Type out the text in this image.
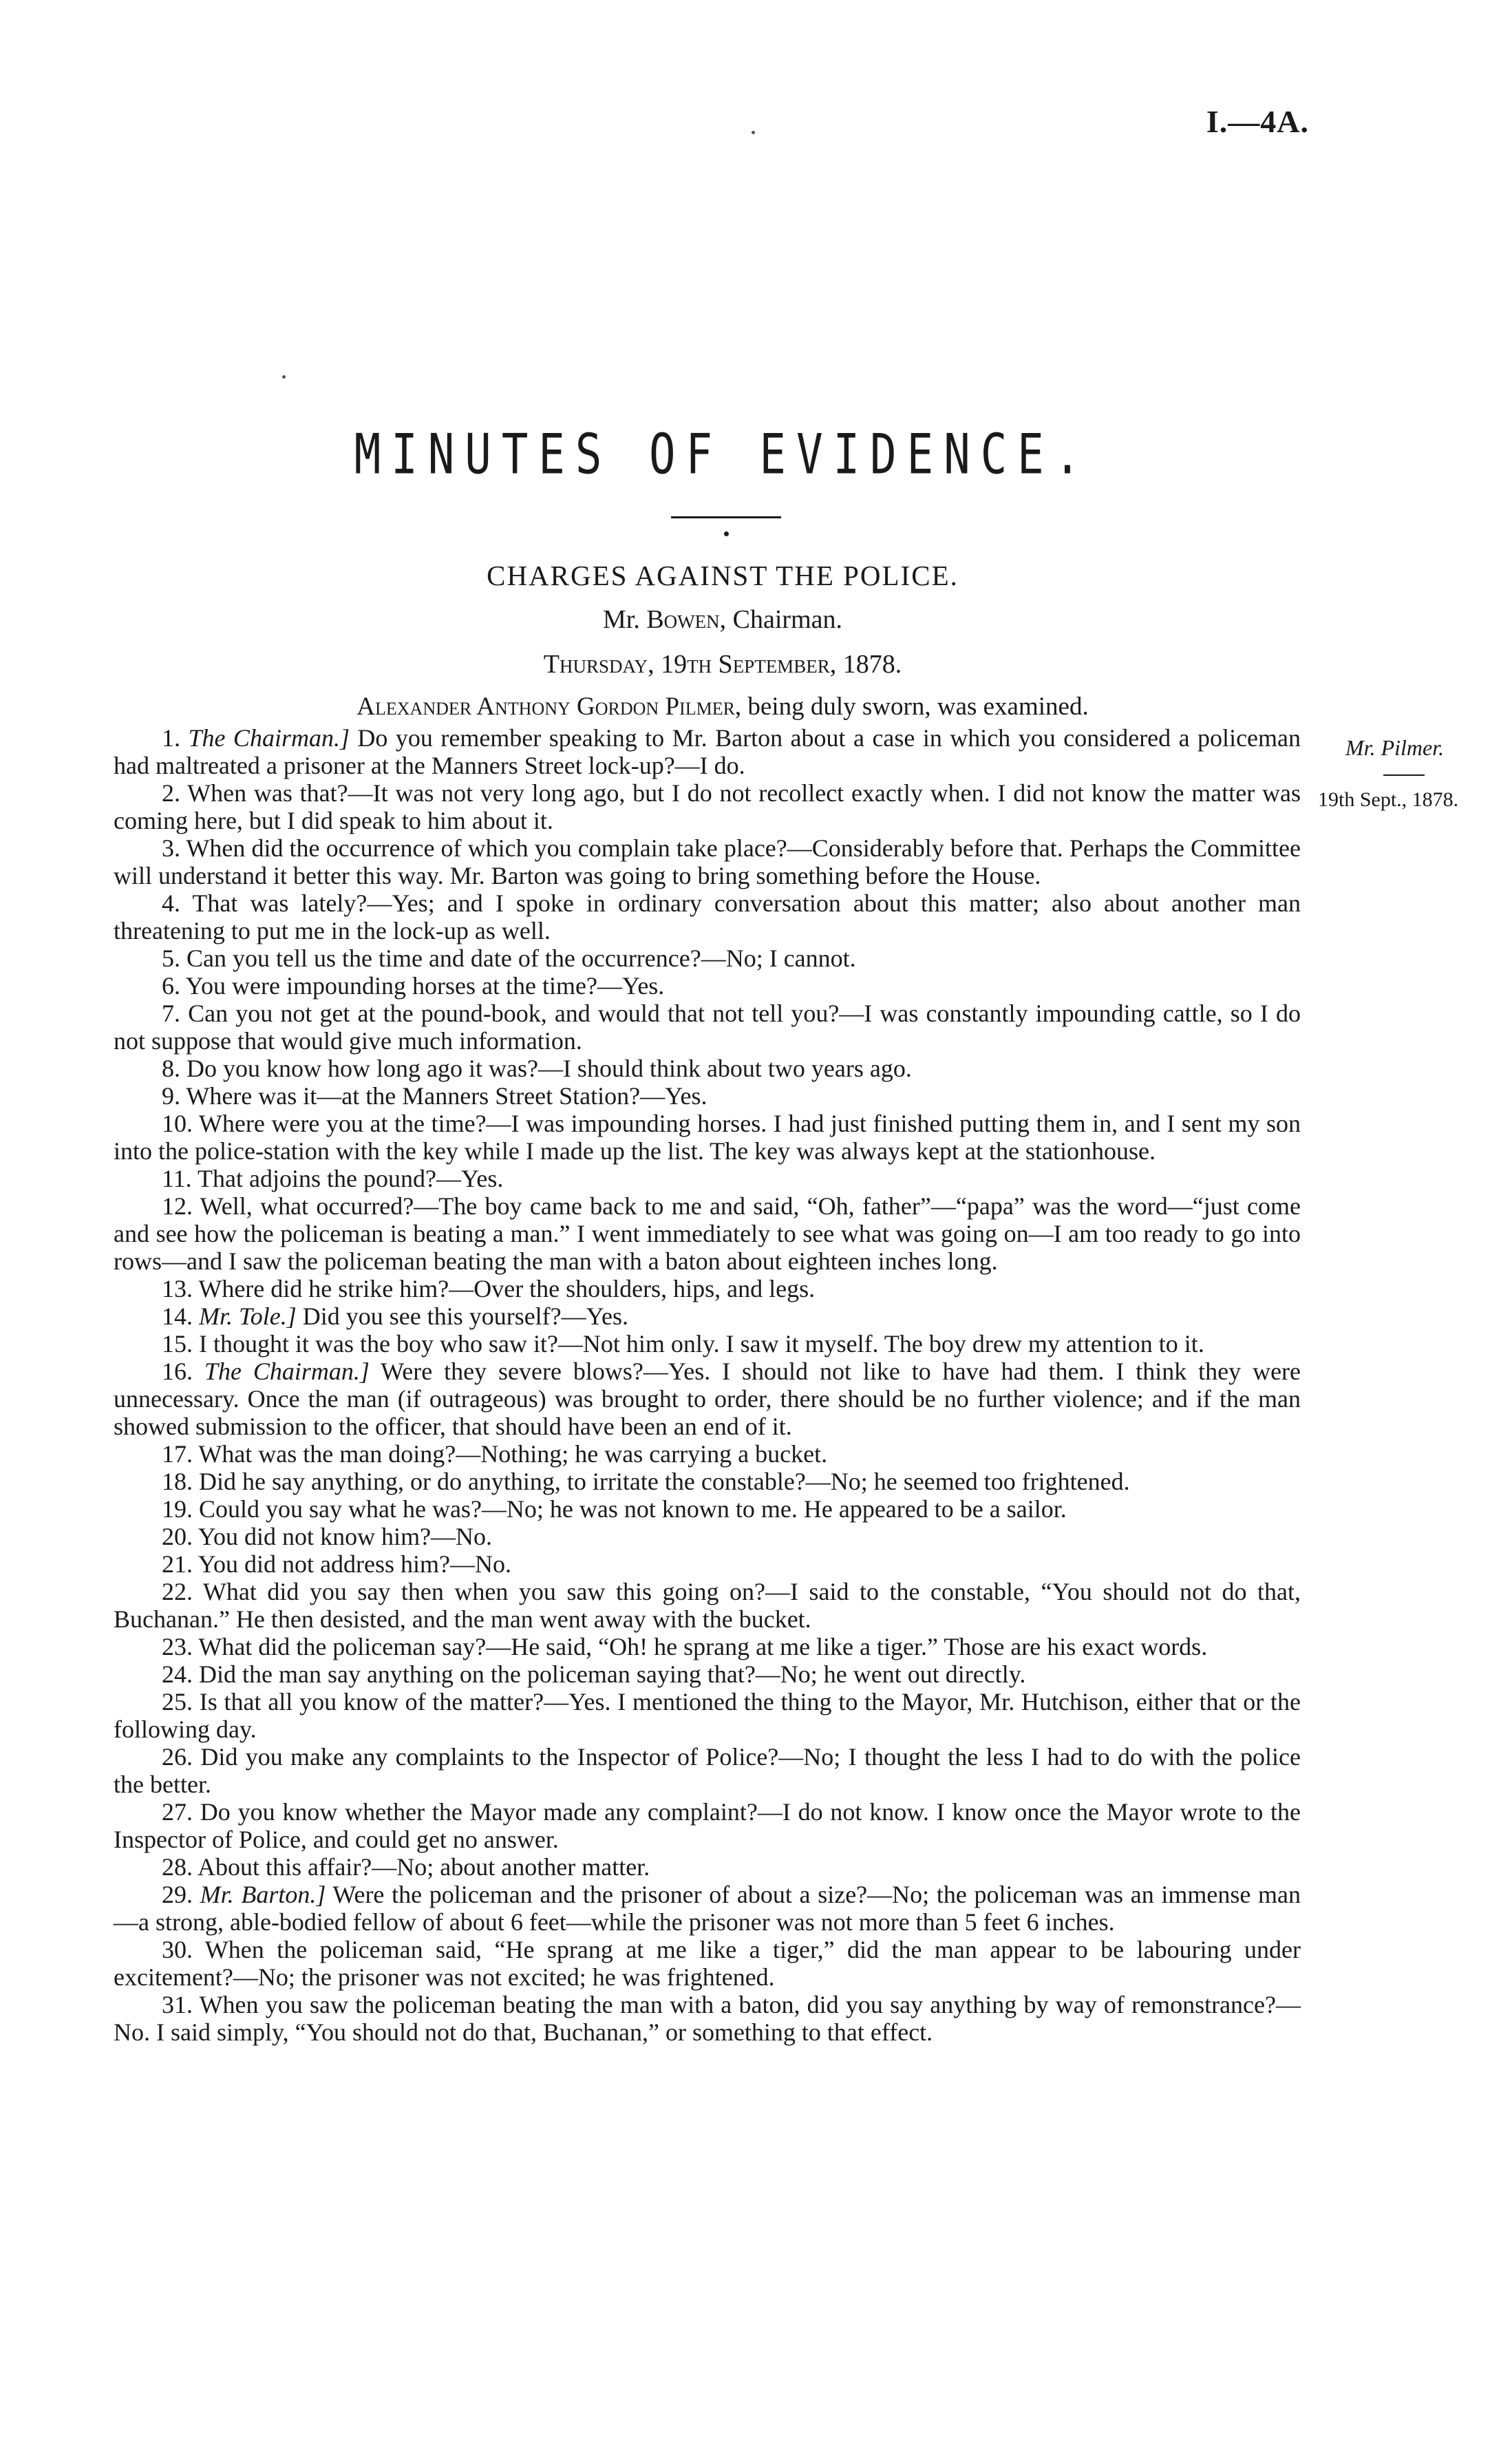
I.—4A.
MINUTES OF EVIDENCE.
CHARGES AGAINST THE POLICE.
Mr. Bowen, Chairman.
Thursday, 19th September, 1878.
Alexander Anthony Gordon Pilmer, being duly sworn, was examined.
Mr. Pilmer.
19th Sept., 1878.

1. The Chairman.] Do you remember speaking to Mr. Barton about a case in which you considered a policeman had maltreated a prisoner at the Manners Street lock-up?—I do.

2. When was that?—It was not very long ago, but I do not recollect exactly when. I did not know the matter was coming here, but I did speak to him about it.

3. When did the occurrence of which you complain take place?—Considerably before that. Perhaps the Committee will understand it better this way. Mr. Barton was going to bring something before the House.

4. That was lately?—Yes; and I spoke in ordinary conversation about this matter; also about another man threatening to put me in the lock-up as well.

5. Can you tell us the time and date of the occurrence?—No; I cannot.

6. You were impounding horses at the time?—Yes.

7. Can you not get at the pound-book, and would that not tell you?—I was constantly impounding cattle, so I do not suppose that would give much information.

8. Do you know how long ago it was?—I should think about two years ago.

9. Where was it—at the Manners Street Station?—Yes.

10. Where were you at the time?—I was impounding horses. I had just finished putting them in, and I sent my son into the police-station with the key while I made up the list. The key was always kept at the stationhouse.

11. That adjoins the pound?—Yes.

12. Well, what occurred?—The boy came back to me and said, “Oh, father”—“papa” was the word—“just come and see how the policeman is beating a man.” I went immediately to see what was going on—I am too ready to go into rows—and I saw the policeman beating the man with a baton about eighteen inches long.

13. Where did he strike him?—Over the shoulders, hips, and legs.

14. Mr. Tole.] Did you see this yourself?—Yes.

15. I thought it was the boy who saw it?—Not him only. I saw it myself. The boy drew my attention to it.

16. The Chairman.] Were they severe blows?—Yes. I should not like to have had them. I think they were unnecessary. Once the man (if outrageous) was brought to order, there should be no further violence; and if the man showed submission to the officer, that should have been an end of it.

17. What was the man doing?—Nothing; he was carrying a bucket.

18. Did he say anything, or do anything, to irritate the constable?—No; he seemed too frightened.

19. Could you say what he was?—No; he was not known to me. He appeared to be a sailor.

20. You did not know him?—No.

21. You did not address him?—No.

22. What did you say then when you saw this going on?—I said to the constable, “You should not do that, Buchanan.” He then desisted, and the man went away with the bucket.

23. What did the policeman say?—He said, “Oh! he sprang at me like a tiger.” Those are his exact words.

24. Did the man say anything on the policeman saying that?—No; he went out directly.

25. Is that all you know of the matter?—Yes. I mentioned the thing to the Mayor, Mr. Hutchison, either that or the following day.

26. Did you make any complaints to the Inspector of Police?—No; I thought the less I had to do with the police the better.

27. Do you know whether the Mayor made any complaint?—I do not know. I know once the Mayor wrote to the Inspector of Police, and could get no answer.

28. About this affair?—No; about another matter.

29. Mr. Barton.] Were the policeman and the prisoner of about a size?—No; the policeman was an immense man—a strong, able-bodied fellow of about 6 feet—while the prisoner was not more than 5 feet 6 inches.

30. When the policeman said, “He sprang at me like a tiger,” did the man appear to be labouring under excitement?—No; the prisoner was not excited; he was frightened.

31. When you saw the policeman beating the man with a baton, did you say anything by way of remonstrance?—No. I said simply, “You should not do that, Buchanan,” or something to that effect.
